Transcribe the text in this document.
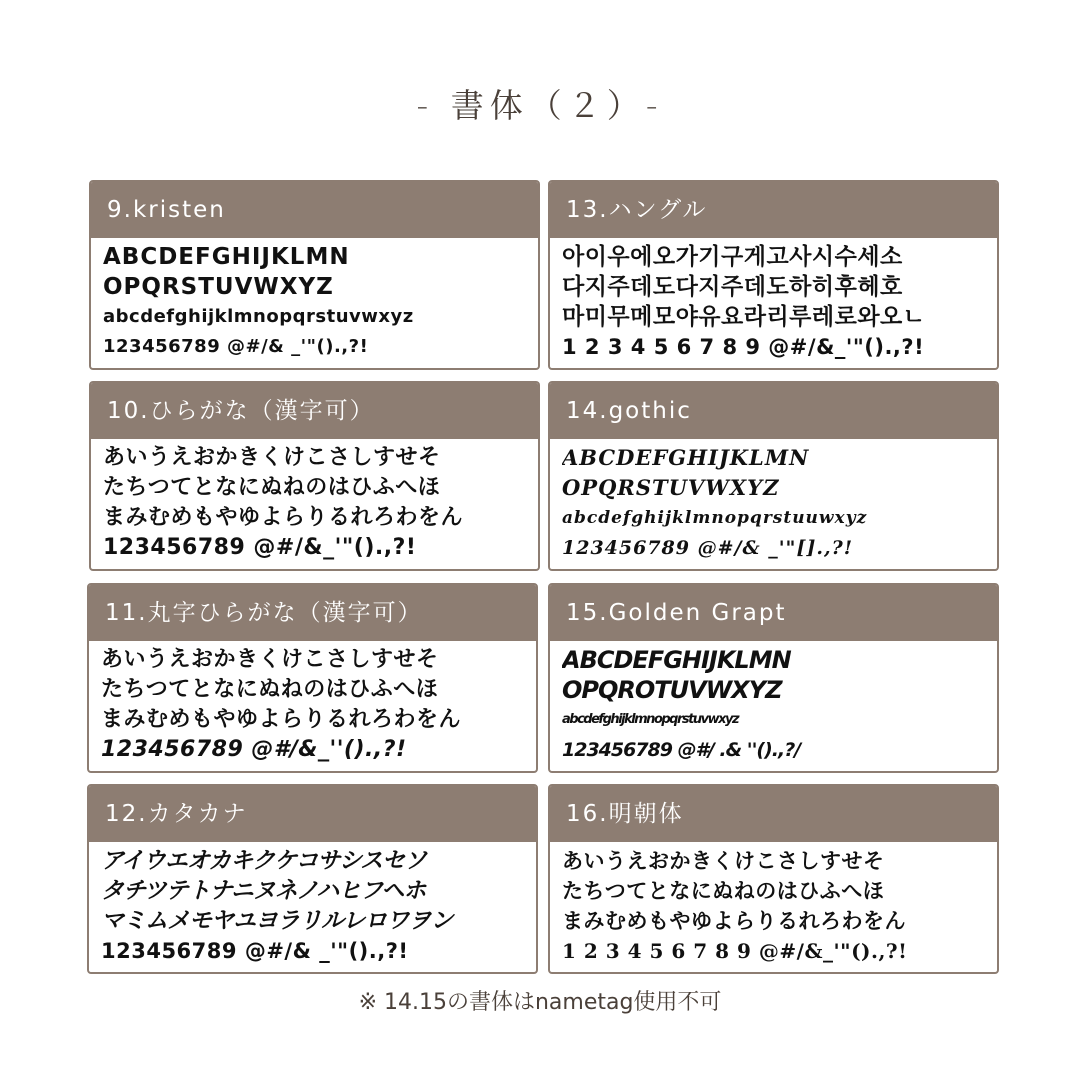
- 書体（２）-
9.kristen
ABCDEFGHIJKLMN
OPQRSTUVWXYZ
abcdefghijklmnopqrstuvwxyz
123456789 @#/& _'"().,?!
13.ハングル
아이우에오가기구게고사시수세소
다지주데도다지주데도하히후헤호
마미무메모야유요라리루레로와오ㄴ
1 2 3 4 5 6 7 8 9 @#/&_'"().,?!
10.ひらがな（漢字可）
あいうえおかきくけこさしすせそ
たちつてとなにぬねのはひふへほ
まみむめもやゆよらりるれろわをん
123456789 @#/&_'"().,?!
14.gothic
ABCDEFGHIJKLMN
OPQRSTUVWXYZ
abcdefghijklmnopqrstuuwxyz
123456789 @#/& _'"[].,?!
11.丸字ひらがな（漢字可）
あいうえおかきくけこさしすせそ
たちつてとなにぬねのはひふへほ
まみむめもやゆよらりるれろわをん
123456789 @#/&_''().,?!
15.Golden Grapt
ABCDEFGHIJKLMN
OPQROTUVWXYZ
abcdefghijklmnopqrstuvwxyz
123456789 @#/ .& ''().,?/
12.カタカナ
アイウエオカキクケコサシスセソ
タチツテトナニヌネノハヒフヘホ
マミムメモヤユヨラリルレロワヲン
123456789 @#/& _'"().,?!
16.明朝体
あいうえおかきくけこさしすせそ
たちつてとなにぬねのはひふへほ
まみむめもやゆよらりるれろわをん
1 2 3 4 5 6 7 8 9 @#/&_'"().,?!
※ 14.15の書体はnametag使用不可
